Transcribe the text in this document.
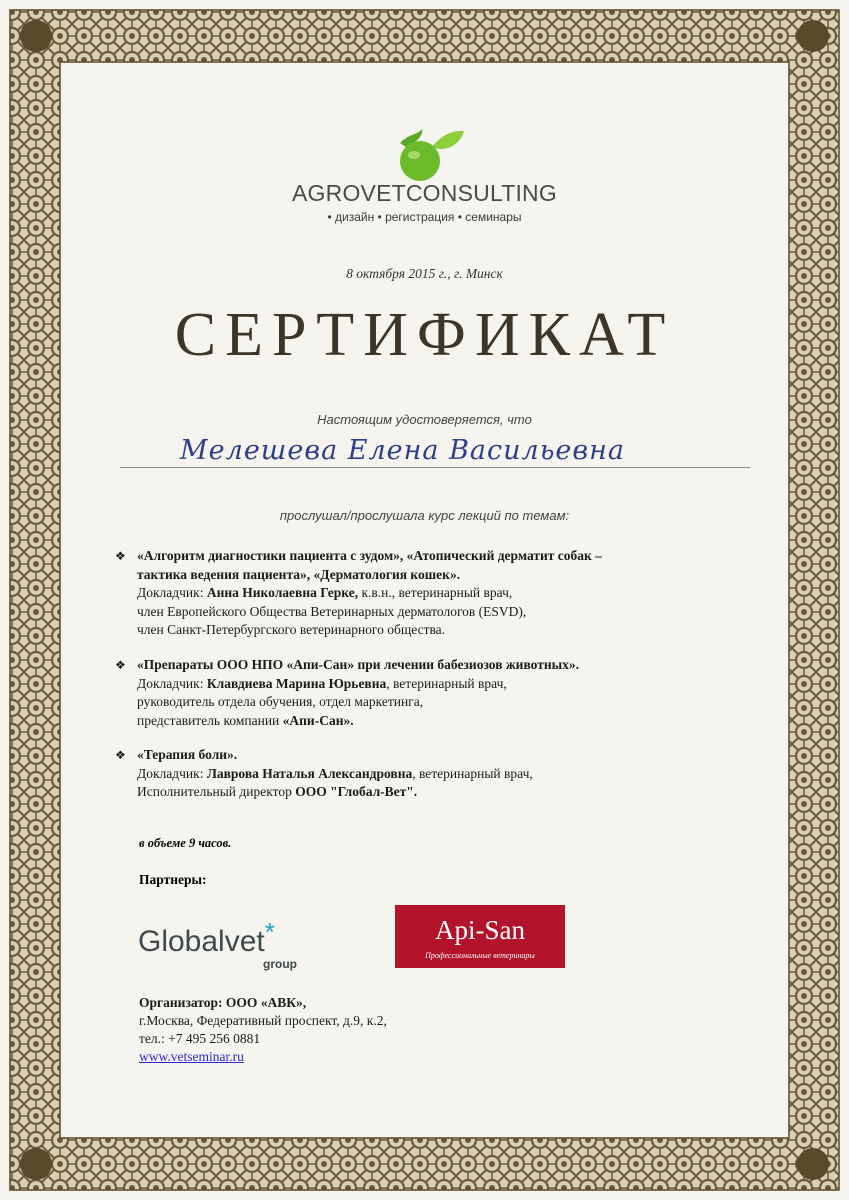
AGROVETCONSULTING
• дизайн • регистрация • семинары
8 октября 2015 г., г. Минск
СЕРТИФИКАТ
Настоящим удостоверяется, что
Мелешева Елена Васильевна
прослушал/прослушала курс лекций по темам:
❖ «Алгоритм диагностики пациента с зудом», «Атопический дерматит собак –
тактика ведения пациента», «Дерматология кошек».
Докладчик: Анна Николаевна Герке, к.в.н., ветеринарный врач,
член Европейского Общества Ветеринарных дерматологов (ESVD),
член Санкт-Петербургского ветеринарного общества.
❖ «Препараты ООО НПО «Апи-Сан» при лечении бабезиозов животных».
Докладчик: Клавдиева Марина Юрьевна, ветеринарный врач,
руководитель отдела обучения, отдел маркетинга,
представитель компании «Апи-Сан».
❖ «Терапия боли».
Докладчик: Лаврова Наталья Александровна, ветеринарный врач,
Исполнительный директор ООО "Глобал-Вет".
в объеме 9 часов.
Партнеры:
Globalvet*
group
Api-San
Профессиональные ветеринары
Организатор: ООО «АВК»,
г.Москва, Федеративный проспект, д.9, к.2,
тел.: +7 495 256 0881
www.vetseminar.ru
